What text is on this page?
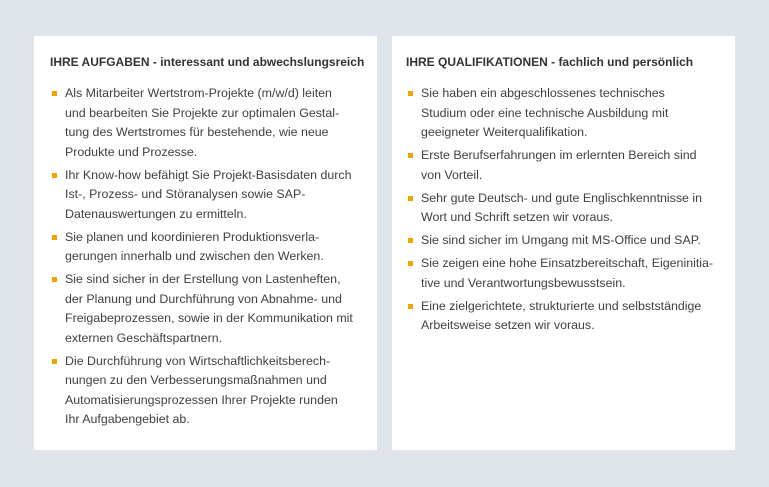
IHRE AUFGABEN - interessant und abwechslungsreich
Als Mitarbeiter Wertstrom-Projekte (m/w/d) leiten
und bearbeiten Sie Projekte zur optimalen Gestal-
tung des Wertstromes für bestehende, wie neue
Produkte und Prozesse.
Ihr Know-how befähigt Sie Projekt-Basisdaten durch
Ist-, Prozess- und Störanalysen sowie SAP-
Datenauswertungen zu ermitteln.
Sie planen und koordinieren Produktionsverla-
gerungen innerhalb und zwischen den Werken.
Sie sind sicher in der Erstellung von Lastenheften,
der Planung und Durchführung von Abnahme- und
Freigabeprozessen, sowie in der Kommunikation mit
externen Geschäftspartnern.
Die Durchführung von Wirtschaftlichkeitsberech-
nungen zu den Verbesserungsmaßnahmen und
Automatisierungsprozessen Ihrer Projekte runden
Ihr Aufgabengebiet ab.
IHRE QUALIFIKATIONEN - fachlich und persönlich
Sie haben ein abgeschlossenes technisches
Studium oder eine technische Ausbildung mit
geeigneter Weiterqualifikation.
Erste Berufserfahrungen im erlernten Bereich sind
von Vorteil.
Sehr gute Deutsch- und gute Englischkenntnisse in
Wort und Schrift setzen wir voraus.
Sie sind sicher im Umgang mit MS-Office und SAP.
Sie zeigen eine hohe Einsatzbereitschaft, Eigeninitia-
tive und Verantwortungsbewusstsein.
Eine zielgerichtete, strukturierte und selbstständige
Arbeitsweise setzen wir voraus.
